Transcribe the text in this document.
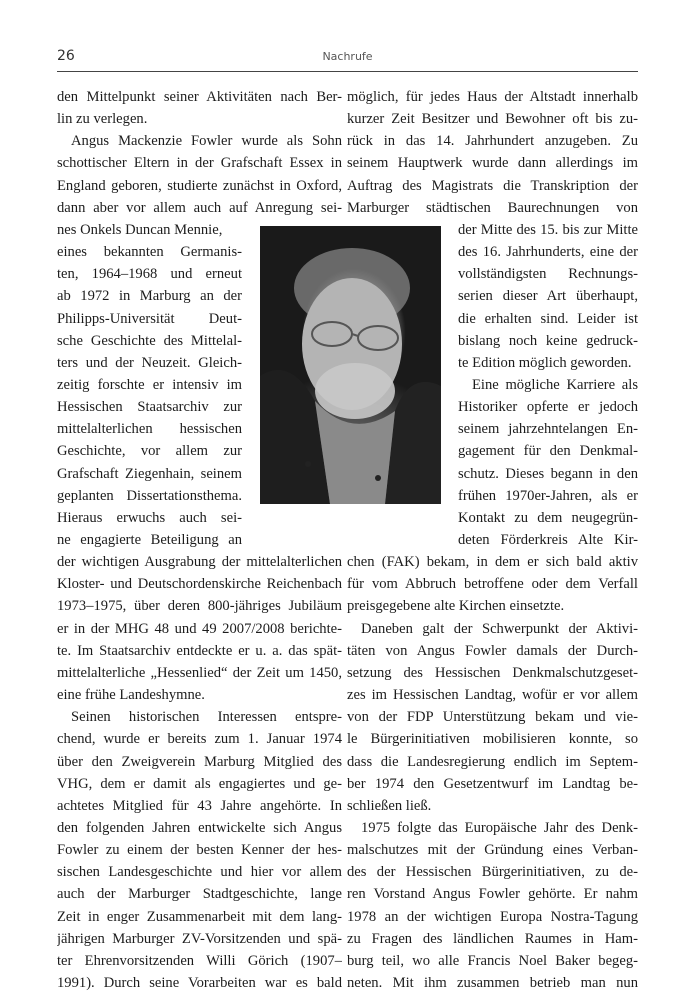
26	Nachrufe
den Mittelpunkt seiner Aktivitäten nach Ber-
lin zu verlegen.
Angus Mackenzie Fowler wurde als Sohn
schottischer Eltern in der Grafschaft Essex in
England geboren, studierte zunächst in Oxford,
dann aber vor allem auch auf Anregung sei-
nes Onkels Duncan Mennie,
eines bekannten Germanis-
ten, 1964–1968 und erneut
ab 1972 in Marburg an der
Philipps-Universität Deut-
sche Geschichte des Mittelal-
ters und der Neuzeit. Gleich-
zeitig forschte er intensiv im
Hessischen Staatsarchiv zur
mittelalterlichen hessischen
Geschichte, vor allem zur
Grafschaft Ziegenhain, seinem
geplanten Dissertationsthema.
Hieraus erwuchs auch sei-
ne engagierte Beteiligung an
der wichtigen Ausgrabung der mittelalterlichen
Kloster- und Deutschordenskirche Reichenbach
1973–1975, über deren 800-jähriges Jubiläum
er in der MHG 48 und 49 2007/2008 berichte-
te. Im Staatsarchiv entdeckte er u. a. das spät-
mittelalterliche „Hessenlied“ der Zeit um 1450,
eine frühe Landeshymne.
Seinen historischen Interessen entspre-
chend, wurde er bereits zum 1. Januar 1974
über den Zweigverein Marburg Mitglied des
VHG, dem er damit als engagiertes und ge-
achtetes Mitglied für 43 Jahre angehörte. In
den folgenden Jahren entwickelte sich Angus
Fowler zu einem der besten Kenner der hes-
sischen Landesgeschichte und hier vor allem
auch der Marburger Stadtgeschichte, lange
Zeit in enger Zusammenarbeit mit dem lang-
jährigen Marburger ZV-Vorsitzenden und spä-
ter Ehrenvorsitzenden Willi Görich (1907–
1991). Durch seine Vorarbeiten war es bald
möglich, für jedes Haus der Altstadt innerhalb
kurzer Zeit Besitzer und Bewohner oft bis zu-
rück in das 14. Jahrhundert anzugeben. Zu
seinem Hauptwerk wurde dann allerdings im
Auftrag des Magistrats die Transkription der
Marburger städtischen Baurechnungen von
der Mitte des 15. bis zur Mitte
des 16. Jahrhunderts, eine der
vollständigsten Rechnungs-
serien dieser Art überhaupt,
die erhalten sind. Leider ist
bislang noch keine gedruck-
te Edition möglich geworden.
Eine mögliche Karriere als
Historiker opferte er jedoch
seinem jahrzehntelangen En-
gagement für den Denkmal-
schutz. Dieses begann in den
frühen 1970er-Jahren, als er
Kontakt zu dem neugegrün-
deten Förderkreis Alte Kir-
chen (FAK) bekam, in dem er sich bald aktiv
für vom Abbruch betroffene oder dem Verfall
preisgegebene alte Kirchen einsetzte.
Daneben galt der Schwerpunkt der Aktivi-
täten von Angus Fowler damals der Durch-
setzung des Hessischen Denkmalschutzgeset-
zes im Hessischen Landtag, wofür er vor allem
von der FDP Unterstützung bekam und vie-
le Bürgerinitiativen mobilisieren konnte, so
dass die Landesregierung endlich im Septem-
ber 1974 den Gesetzentwurf im Landtag be-
schließen ließ.
1975 folgte das Europäische Jahr des Denk-
malschutzes mit der Gründung eines Verban-
des der Hessischen Bürgerinitiativen, zu de-
ren Vorstand Angus Fowler gehörte. Er nahm
1978 an der wichtigen Europa Nostra-Tagung
zu Fragen des ländlichen Raumes in Ham-
burg teil, wo alle Francis Noel Baker begeg-
neten. Mit ihm zusammen betrieb man nun
